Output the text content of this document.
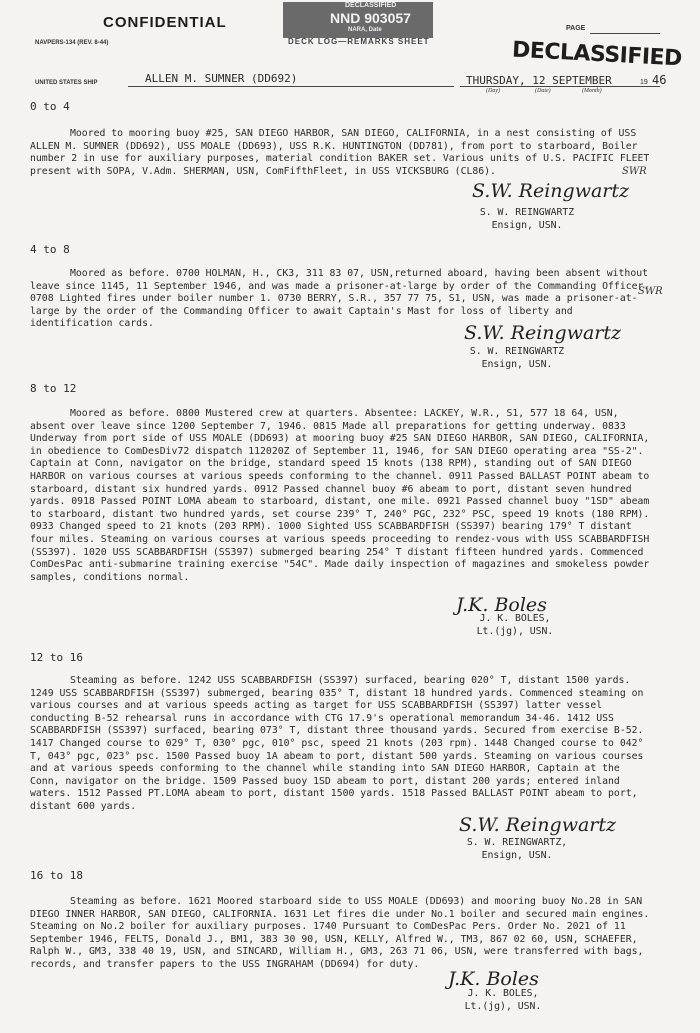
CONFIDENTIAL
NAVPERS-134 (REV. 8-44)
DECLASSIFIED
NND 903057
NARA, Date
DECK LOG—REMARKS SHEET
PAGE
DECLASSIFIED
UNITED STATES SHIP	ALLEN M. SUMNER (DD692)	THURSDAY, 12 SEPTEMBER	19 46
(Day)	(Date)	(Month)
0 to 4

Moored to mooring buoy #25, SAN DIEGO HARBOR, SAN DIEGO, CALIFORNIA, in a nest consisting of USS ALLEN M. SUMNER (DD692), USS MOALE (DD693), USS R.K. HUNTINGTON (DD781), from port to starboard, Boiler number 2 in use for auxiliary purposes, material condition BAKER set. Various units of U.S. PACIFIC FLEET present with SOPA, V.Adm. SHERMAN, USN, ComFifthFleet, in USS VICKSBURG (CL86).

S.W. Reingwartz
S. W. REINGWARTZ
Ensign, USN.
SWR
4 to 8

Moored as before. 0700 HOLMAN, H., CK3, 311 83 07, USN,returned aboard, having been absent without leave since 1145, 11 September 1946, and was made a prisoner-at-large by order of the Commanding Officer. 0708 Lighted fires under boiler number 1. 0730 BERRY, S.R., 357 77 75, S1, USN, was made a prisoner-at-large by the order of the Commanding Officer to await Captain's Mast for loss of liberty and identification cards.	S.W. Reingwartz
S. W. REINGWARTZ
Ensign, USN.
SWR
8 to 12

Moored as before. 0800 Mustered crew at quarters. Absentee: LACKEY, W.R., S1, 577 18 64, USN, absent over leave since 1200 September 7, 1946. 0815 Made all preparations for getting underway. 0833 Underway from port side of USS MOALE (DD693) at mooring buoy #25 SAN DIEGO HARBOR, SAN DIEGO, CALIFORNIA, in obedience to ComDesDiv72 dispatch 112020Z of September 11, 1946, for SAN DIEGO operating area "SS-2". Captain at Conn, navigator on the bridge, standard speed 15 knots (138 RPM), standing out of SAN DIEGO HARBOR on various courses at various speeds conforming to the channel. 0911 Passed BALLAST POINT abeam to starboard, distant six hundred yards. 0912 Passed channel buoy #6 abeam to port, distant seven hundred yards. 0918 Passed POINT LOMA abeam to starboard, distant, one mile. 0921 Passed channel buoy "1SD" abeam to starboard, distant two hundred yards, set course 239° T, 240° PGC, 232° PSC, speed 19 knots (180 RPM). 0933 Changed speed to 21 knots (203 RPM). 1000 Sighted USS SCABBARDFISH (SS397) bearing 179° T distant four miles. Steaming on various courses at various speeds proceeding to rendez-vous with USS SCABBARDFISH (SS397). 1020 USS SCABBARDFISH (SS397) submerged bearing 254° T distant fifteen hundred yards. Commenced ComDesPac anti-submarine training exercise "54C". Made daily inspection of magazines and smokeless powder samples, conditions normal.

J.K. Boles
J. K. BOLES,
Lt.(jg), USN.
12 to 16

Steaming as before. 1242 USS SCABBARDFISH (SS397) surfaced, bearing 020° T, distant 1500 yards. 1249 USS SCABBARDFISH (SS397) submerged, bearing 035° T, distant 18 hundred yards. Commenced steaming on various courses and at various speeds acting as target for USS SCABBARDFISH (SS397) latter vessel conducting B-52 rehearsal runs in accordance with CTG 17.9's operational memorandum 34-46. 1412 USS SCABBARDFISH (SS397) surfaced, bearing 073° T, distant three thousand yards. Secured from exercise B-52. 1417 Changed course to 029° T, 030° pgc, 010° psc, speed 21 knots (203 rpm). 1448 Changed course to 042° T, 043° pgc, 023° psc. 1500 Passed buoy 1A abeam to port, distant 500 yards. Steaming on various courses and at various speeds conforming to the channel while standing into SAN DIEGO HARBOR, Captain at the Conn, navigator on the bridge. 1509 Passed buoy 1SD abeam to port, distant 200 yards; entered inland waters. 1512 Passed PT.LOMA abeam to port, distant 1500 yards. 1518 Passed BALLAST POINT abeam to port, distant 600 yards.

S.W. Reingwartz
S. W. REINGWARTZ,
Ensign, USN.
16 to 18

Steaming as before. 1621 Moored starboard side to USS MOALE (DD693) and mooring buoy No.28 in SAN DIEGO INNER HARBOR, SAN DIEGO, CALIFORNIA. 1631 Let fires die under No.1 boiler and secured main engines. Steaming on No.2 boiler for auxiliary purposes. 1740 Pursuant to ComDesPac Pers. Order No. 2021 of 11 September 1946, FELTS, Donald J., BM1, 383 30 90, USN, KELLY, Alfred W., TM3, 867 02 60, USN, SCHAEFER, Ralph W., GM3, 338 40 19, USN, and SINCARD, William H., GM3, 263 71 06, USN, were transferred with bags, records, and transfer papers to the USS INGRAHAM (DD694) for duty.

J.K. Boles
J. K. BOLES,
Lt.(jg), USN.
